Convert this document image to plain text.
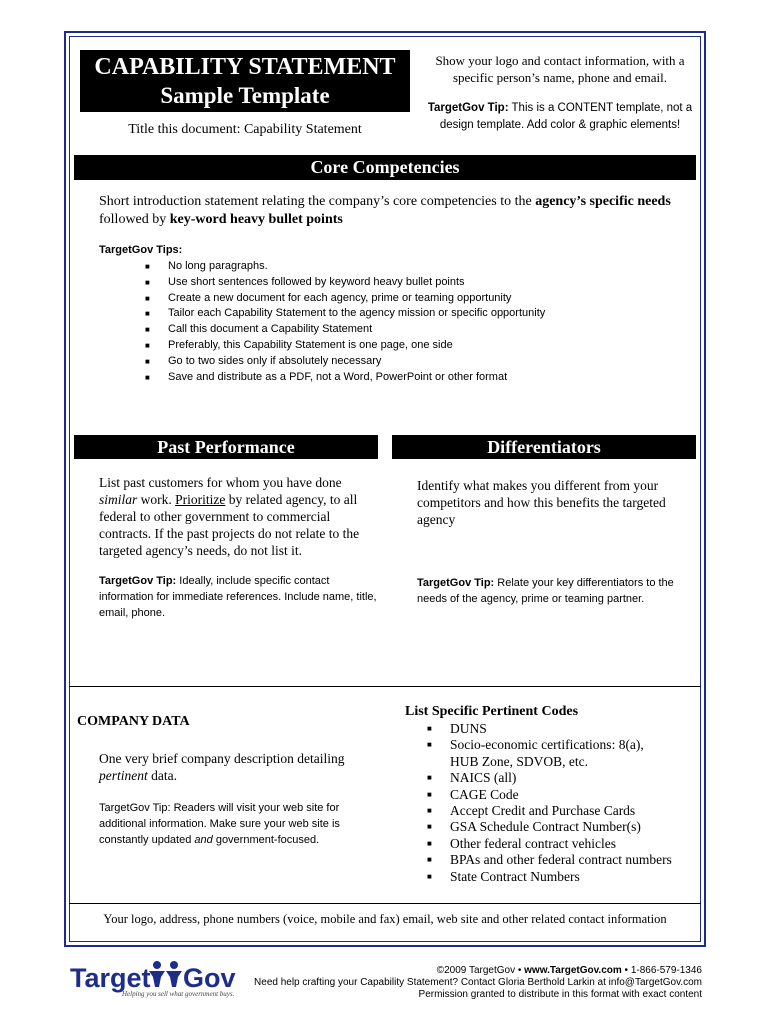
CAPABILITY STATEMENT
Sample Template
Title this document: Capability Statement
Show your logo and contact information, with a specific person’s name, phone and email.
TargetGov Tip: This is a CONTENT template, not a design template. Add color & graphic elements!
Core Competencies
Short introduction statement relating the company’s core competencies to the agency’s specific needs followed by key-word heavy bullet points
TargetGov Tips:
■ No long paragraphs.
■ Use short sentences followed by keyword heavy bullet points
■ Create a new document for each agency, prime or teaming opportunity
■ Tailor each Capability Statement to the agency mission or specific opportunity
■ Call this document a Capability Statement
■ Preferably, this Capability Statement is one page, one side
■ Go to two sides only if absolutely necessary
■ Save and distribute as a PDF, not a Word, PowerPoint or other format
Past Performance
List past customers for whom you have done similar work. Prioritize by related agency, to all federal to other government to commercial contracts. If the past projects do not relate to the targeted agency’s needs, do not list it.
TargetGov Tip: Ideally, include specific contact information for immediate references. Include name, title, email, phone.
Differentiators
Identify what makes you different from your competitors and how this benefits the targeted agency
TargetGov Tip: Relate your key differentiators to the needs of the agency, prime or teaming partner.
COMPANY DATA
One very brief company description detailing pertinent data.
TargetGov Tip: Readers will visit your web site for additional information. Make sure your web site is constantly updated and government-focused.
List Specific Pertinent Codes
■ DUNS
■ Socio-economic certifications: 8(a), HUB Zone, SDVOB, etc.
■ NAICS (all)
■ CAGE Code
■ Accept Credit and Purchase Cards
■ GSA Schedule Contract Number(s)
■ Other federal contract vehicles
■ BPAs and other federal contract numbers
■ State Contract Numbers
Your logo, address, phone numbers (voice, mobile and fax) email, web site and other related contact information
Target Gov
Helping you sell what government buys.
©2009 TargetGov • www.TargetGov.com • 1-866-579-1346
Need help crafting your Capability Statement? Contact Gloria Berthold Larkin at info@TargetGov.com
Permission granted to distribute in this format with exact content
